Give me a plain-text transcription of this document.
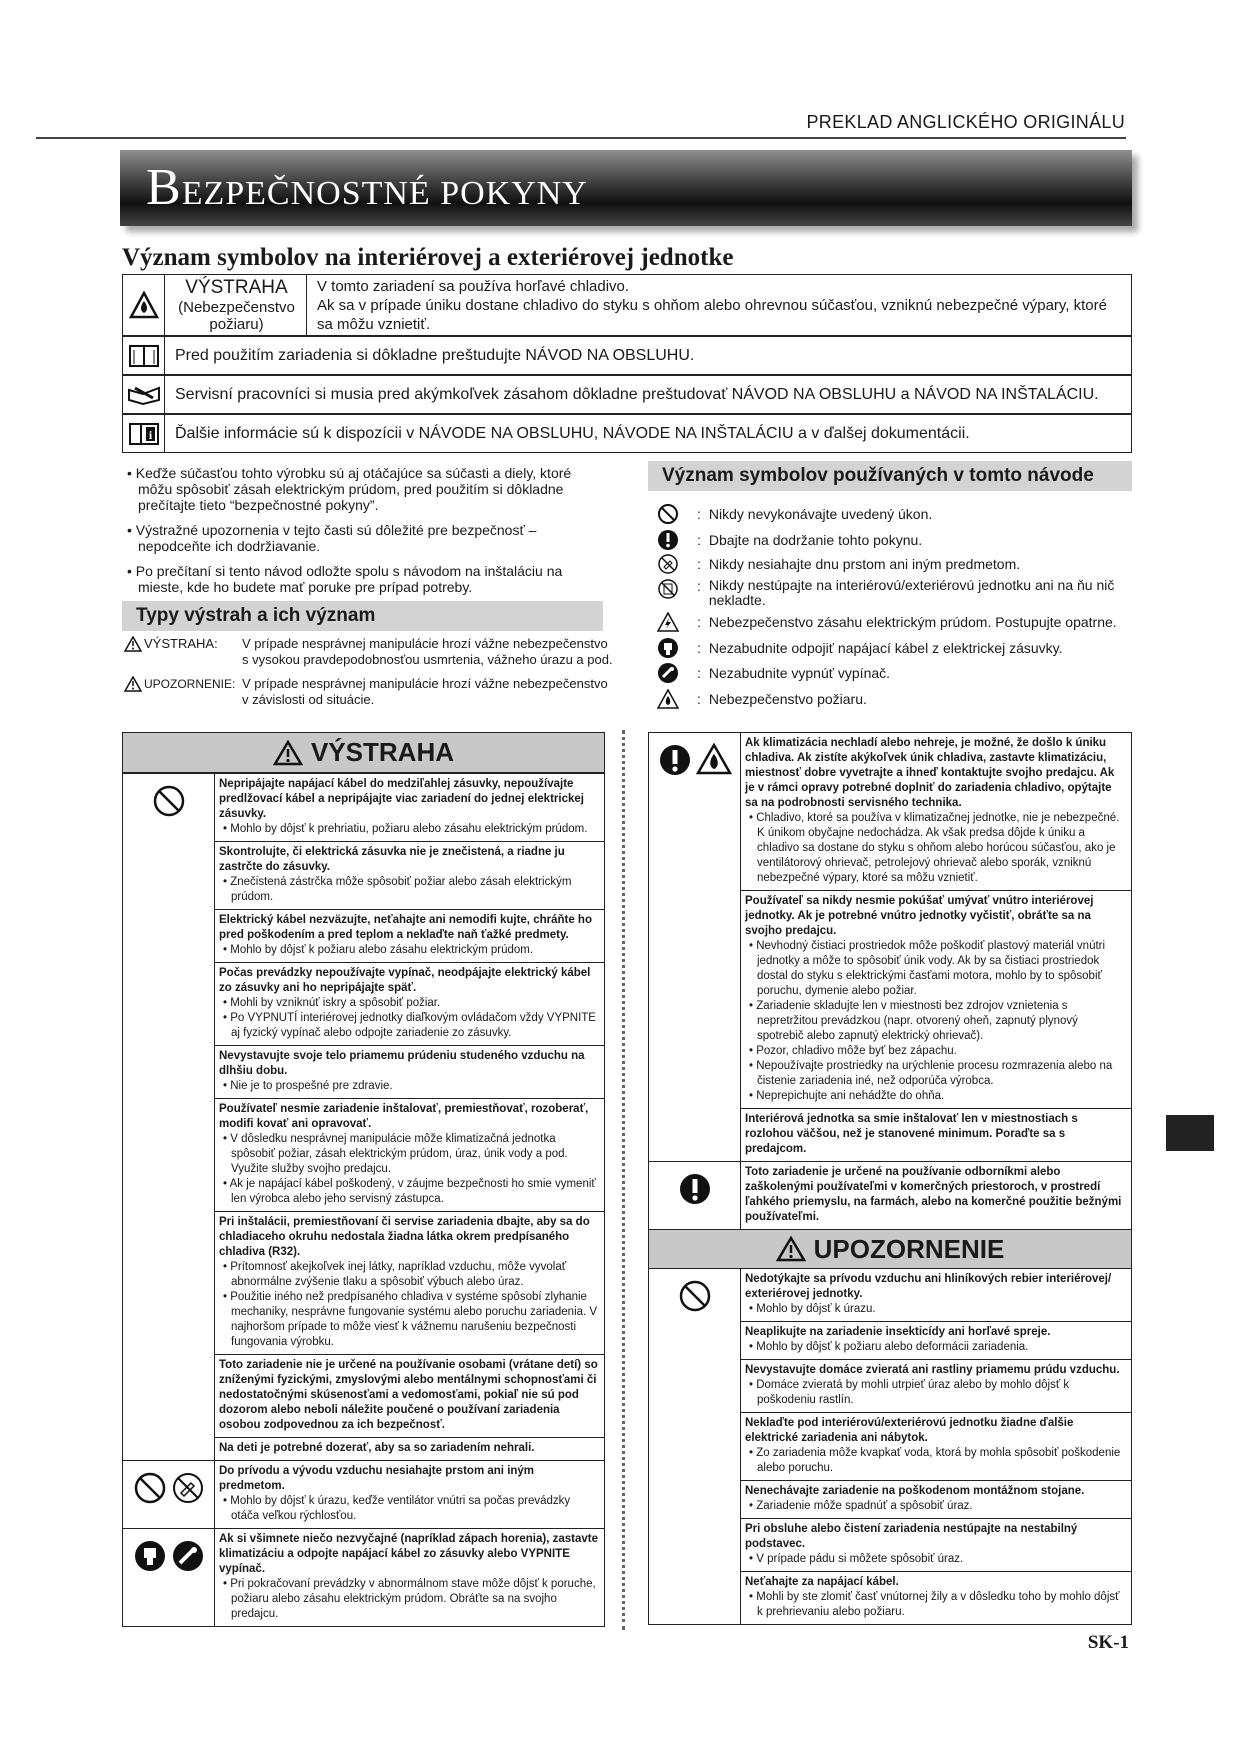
PREKLAD ANGLICKÉHO ORIGINÁLU
BEZPEČNOSTNÉ POKYNY
Význam symbolov na interiérovej a exteriérovej jednotke
VÝSTRAHA
(Nebezpečenstvo požiaru)
V tomto zariadení sa používa horľavé chladivo.
Ak sa v prípade úniku dostane chladivo do styku s ohňom alebo ohrevnou súčasťou, vzniknú nebezpečné výpary, ktoré sa môžu vznietiť.
Pred použitím zariadenia si dôkladne preštudujte NÁVOD NA OBSLUHU.
Servisní pracovníci si musia pred akýmkoľvek zásahom dôkladne preštudovať NÁVOD NA OBSLUHU a NÁVOD NA INŠTALÁCIU.
i Ďalšie informácie sú k dispozícii v NÁVODE NA OBSLUHU, NÁVODE NA INŠTALÁCIU a v ďalšej dokumentácii.
• Keďže súčasťou tohto výrobku sú aj otáčajúce sa súčasti a diely, ktoré môžu spôsobiť zásah elektrickým prúdom, pred použitím si dôkladne prečítajte tieto “bezpečnostné pokyny”.
• Výstražné upozornenia v tejto časti sú dôležité pre bezpečnosť – nepodceňte ich dodržiavanie.
• Po prečítaní si tento návod odložte spolu s návodom na inštaláciu na mieste, kde ho budete mať poruke pre prípad potreby.
Typy výstrah a ich význam
VÝSTRAHA: V prípade nesprávnej manipulácie hrozí vážne nebezpečenstvo s vysokou pravdepodobnosťou usmrtenia, vážneho úrazu a pod.
UPOZORNENIE: V prípade nesprávnej manipulácie hrozí vážne nebezpečenstvo v závislosti od situácie.
Význam symbolov používaných v tomto návode
: Nikdy nevykonávajte uvedený úkon.
: Dbajte na dodržanie tohto pokynu.
: Nikdy nesiahajte dnu prstom ani iným predmetom.
: Nikdy nestúpajte na interiérovú/exteriérovú jednotku ani na ňu nič nekladte.
: Nebezpečenstvo zásahu elektrickým prúdom. Postupujte opatrne.
: Nezabudnite odpojiť napájací kábel z elektrickej zásuvky.
: Nezabudnite vypnúť vypínač.
: Nebezpečenstvo požiaru.
VÝSTRAHA
Nepripájajte napájací kábel do medziľahlej zásuvky, nepoužívajte predlžovací kábel a nepripájajte viac zariadení do jednej elektrickej zásuvky.
• Mohlo by dôjsť k prehriatiu, požiaru alebo zásahu elektrickým prúdom.
Skontrolujte, či elektrická zásuvka nie je znečistená, a riadne ju zastrčte do zásuvky.
• Znečistená zástrčka môže spôsobiť požiar alebo zásah elektrickým prúdom.
Elektrický kábel nezväzujte, neťahajte ani nemodifi kujte, chráňte ho pred poškodením a pred teplom a neklaďte naň ťažké predmety.
• Mohlo by dôjsť k požiaru alebo zásahu elektrickým prúdom.
Počas prevádzky nepoužívajte vypínač, neodpájajte elektrický kábel zo zásuvky ani ho nepripájajte späť.
• Mohli by vzniknúť iskry a spôsobiť požiar.
• Po VYPNUTÍ interiérovej jednotky diaľkovým ovládačom vždy VYPNITE aj fyzický vypínač alebo odpojte zariadenie zo zásuvky.
Nevystavujte svoje telo priamemu prúdeniu studeného vzduchu na dlhšiu dobu.
• Nie je to prospešné pre zdravie.
Používateľ nesmie zariadenie inštalovať, premiestňovať, rozoberať, modifi kovať ani opravovať.
• V dôsledku nesprávnej manipulácie môže klimatizačná jednotka spôsobiť požiar, zásah elektrickým prúdom, úraz, únik vody a pod. Využite služby svojho predajcu.
• Ak je napájací kábel poškodený, v záujme bezpečnosti ho smie vymeniť len výrobca alebo jeho servisný zástupca.
Pri inštalácii, premiestňovaní či servise zariadenia dbajte, aby sa do chladiaceho okruhu nedostala žiadna látka okrem predpísaného chladiva (R32).
• Prítomnosť akejkoľvek inej látky, napríklad vzduchu, môže vyvolať abnormálne zvýšenie tlaku a spôsobiť výbuch alebo úraz.
• Použitie iného než predpísaného chladiva v systéme spôsobí zlyhanie mechaniky, nesprávne fungovanie systému alebo poruchu zariadenia. V najhoršom prípade to môže viesť k vážnemu narušeniu bezpečnosti fungovania výrobku.
Toto zariadenie nie je určené na používanie osobami (vrátane detí) so zníženými fyzickými, zmyslovými alebo mentálnymi schopnosťami či nedostatočnými skúsenosťami a vedomosťami, pokiaľ nie sú pod dozorom alebo neboli náležite poučené o používaní zariadenia osobou zodpovednou za ich bezpečnosť.
Na deti je potrebné dozerať, aby sa so zariadením nehrali.
Do prívodu a vývodu vzduchu nesiahajte prstom ani iným predmetom.
• Mohlo by dôjsť k úrazu, keďže ventilátor vnútri sa počas prevádzky otáča veľkou rýchlosťou.
Ak si všimnete niečo nezvyčajné (napríklad zápach horenia), zastavte klimatizáciu a odpojte napájací kábel zo zásuvky alebo VYPNITE vypínač.
• Pri pokračovaní prevádzky v abnormálnom stave môže dôjsť k poruche, požiaru alebo zásahu elektrickým prúdom. Obráťte sa na svojho predajcu.
Ak klimatizácia nechladí alebo nehreje, je možné, že došlo k úniku chladiva. Ak zistíte akýkoľvek únik chladiva, zastavte klimatizáciu, miestnosť dobre vyvetrajte a ihneď kontaktujte svojho predajcu. Ak je v rámci opravy potrebné doplniť do zariadenia chladivo, opýtajte sa na podrobnosti servisného technika.
• Chladivo, ktoré sa používa v klimatizačnej jednotke, nie je nebezpečné. K únikom obyčajne nedochádza. Ak však predsa dôjde k úniku a chladivo sa dostane do styku s ohňom alebo horúcou súčasťou, ako je ventilátorový ohrievač, petrolejový ohrievač alebo sporák, vzniknú nebezpečné výpary, ktoré sa môžu vznietiť.
Používateľ sa nikdy nesmie pokúšať umývať vnútro interiérovej jednotky. Ak je potrebné vnútro jednotky vyčistiť, obráťte sa na svojho predajcu.
• Nevhodný čistiaci prostriedok môže poškodiť plastový materiál vnútri jednotky a môže to spôsobiť únik vody. Ak by sa čistiaci prostriedok dostal do styku s elektrickými časťami motora, mohlo by to spôsobiť poruchu, dymenie alebo požiar.
• Zariadenie skladujte len v miestnosti bez zdrojov vznietenia s nepretržitou prevádzkou (napr. otvorený oheň, zapnutý plynový spotrebič alebo zapnutý elektrický ohrievač).
• Pozor, chladivo môže byť bez zápachu.
• Nepoužívajte prostriedky na urýchlenie procesu rozmrazenia alebo na čistenie zariadenia iné, než odporúča výrobca.
• Neprepichujte ani nehádžte do ohňa.
Interiérová jednotka sa smie inštalovať len v miestnostiach s rozlohou väčšou, než je stanovené minimum. Poraďte sa s predajcom.
Toto zariadenie je určené na používanie odborníkmi alebo zaškolenými používateľmi v komerčných priestoroch, v prostredí ľahkého priemyslu, na farmách, alebo na komerčné použitie bežnými používateľmi.
UPOZORNENIE
Nedotýkajte sa prívodu vzduchu ani hliníkových rebier interiérovej/ exteriérovej jednotky.
• Mohlo by dôjsť k úrazu.
Neaplikujte na zariadenie insekticídy ani horľavé spreje.
• Mohlo by dôjsť k požiaru alebo deformácii zariadenia.
Nevystavujte domáce zvieratá ani rastliny priamemu prúdu vzduchu.
• Domáce zvieratá by mohli utrpieť úraz alebo by mohlo dôjsť k poškodeniu rastlín.
Neklaďte pod interiérovú/exteriérovú jednotku žiadne ďalšie elektrické zariadenia ani nábytok.
• Zo zariadenia môže kvapkať voda, ktorá by mohla spôsobiť poškodenie alebo poruchu.
Nenechávajte zariadenie na poškodenom montážnom stojane.
• Zariadenie môže spadnúť a spôsobiť úraz.
Pri obsluhe alebo čistení zariadenia nestúpajte na nestabilný podstavec.
• V prípade pádu si môžete spôsobiť úraz.
Neťahajte za napájací kábel.
• Mohli by ste zlomiť časť vnútornej žily a v dôsledku toho by mohlo dôjsť k prehrievaniu alebo požiaru.
SK-1
